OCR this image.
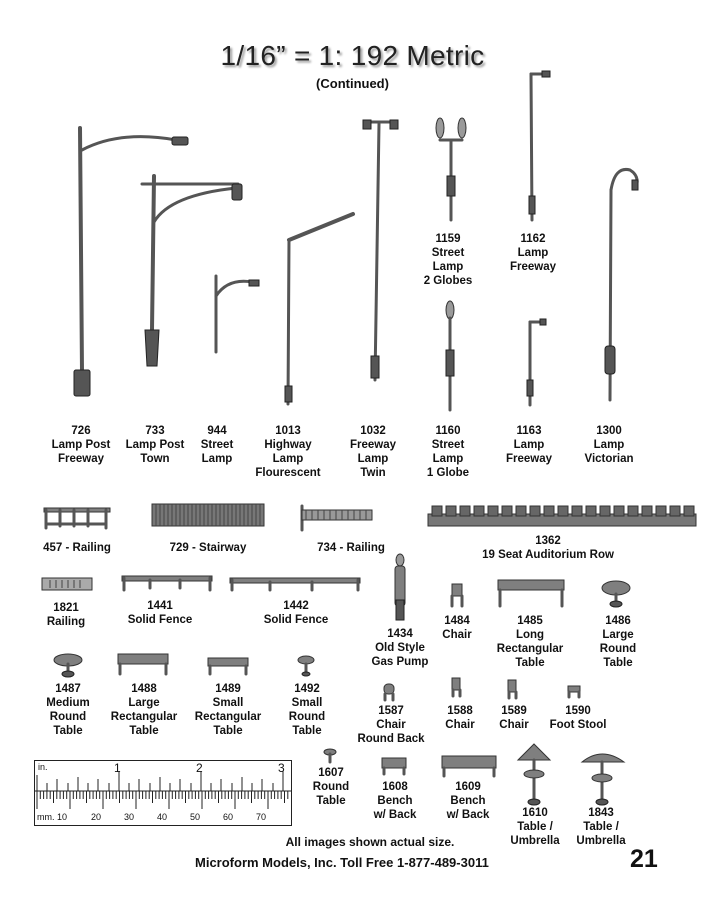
1/16” = 1: 192 Metric
(Continued)
726
Lamp Post
Freeway
733
Lamp Post
Town
944
Street
Lamp
1013
Highway
Lamp
Flourescent
1032
Freeway
Lamp
Twin
1159
Street
Lamp
2 Globes
1160
Street
Lamp
1 Globe
1162
Lamp
Freeway
1163
Lamp
Freeway
1300
Lamp
Victorian
457 - Railing	729 - Stairway	734 - Railing
1362
19 Seat Auditorium Row
1821
Railing
1441
Solid Fence
1442
Solid Fence
1434
Old Style
Gas Pump
1484
Chair
1485
Long
Rectangular
Table
1486
Large
Round
Table
1487
Medium
Round
Table
1488
Large
Rectangular
Table
1489
Small
Rectangular
Table
1492
Small
Round
Table
1587
Chair
Round Back
1588
Chair
1589
Chair
1590
Foot Stool
1607
Round
Table
1608
Bench
w/ Back
1609
Bench
w/ Back	1610
Table /
Umbrella
1843
Table /
Umbrella
in.	1	2	3
mm. 10	20	30	40	50	60	70
All images shown actual size.
Microform Models, Inc. Toll Free 1-877-489-3011	21
